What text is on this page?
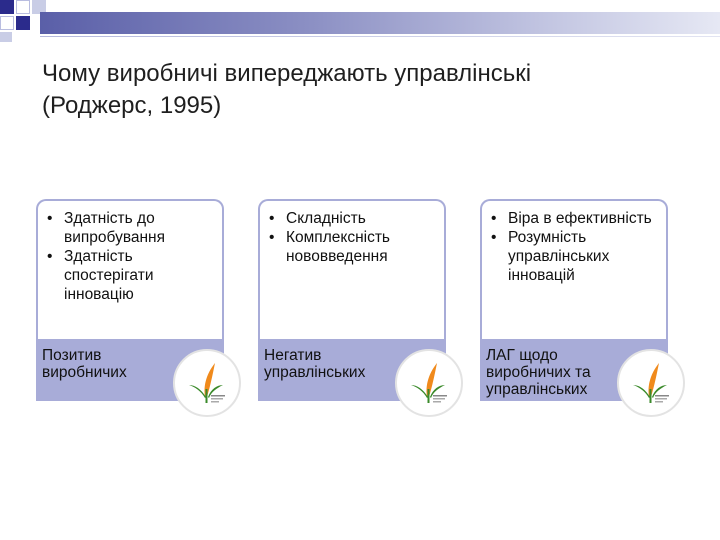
Чому виробничі випереджають управлінські
(Роджерс, 1995)
• Здатність до випробування
• Здатність спостерігати інновацію
Позитив виробничих
• Складність
• Комплексність нововведення
Негатив управлінських
• Віра в ефективність
• Розумність управлінських інновацій
ЛАГ щодо виробничих та управлінських
